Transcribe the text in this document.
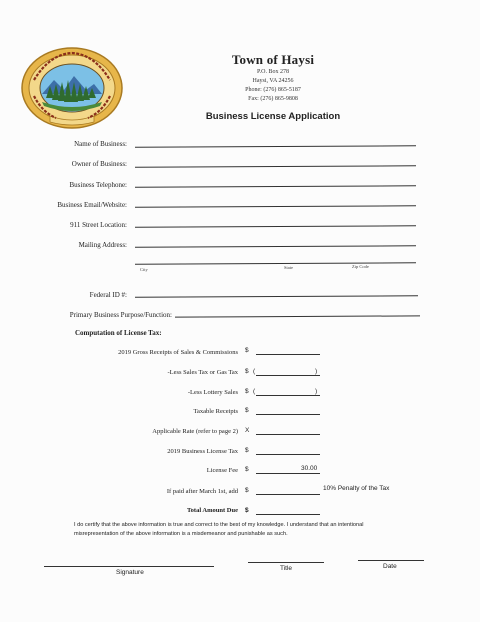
Town of Haysi
P.O. Box 278
Haysi, VA 24256
Phone: (276) 865-5187
Fax: (276) 865-9808
Business License Application
Name of Business:
Owner of Business:
Business Telephone:
Business Email/Website:
911 Street Location:
Mailing Address:
City	State	Zip Code
Federal ID #:
Primary Business Purpose/Function:
Computation of License Tax:
2019 Gross Receipts of Sales & Commissions $
-Less Sales Tax or Gas Tax $ (	)
-Less Lottery Sales $ (	)
Taxable Receipts $
Applicable Rate (refer to page 2) X
2019 Business License Tax $
License Fee $	30.00
If paid after March 1st, add $	10% Penalty of the Tax
Total Amount Due $
I do certify that the above information is true and correct to the best of my knowledge. I understand that an intentional misrepresentation of the above information is a misdemeanor and punishable as such.
Signature
Title	Date
